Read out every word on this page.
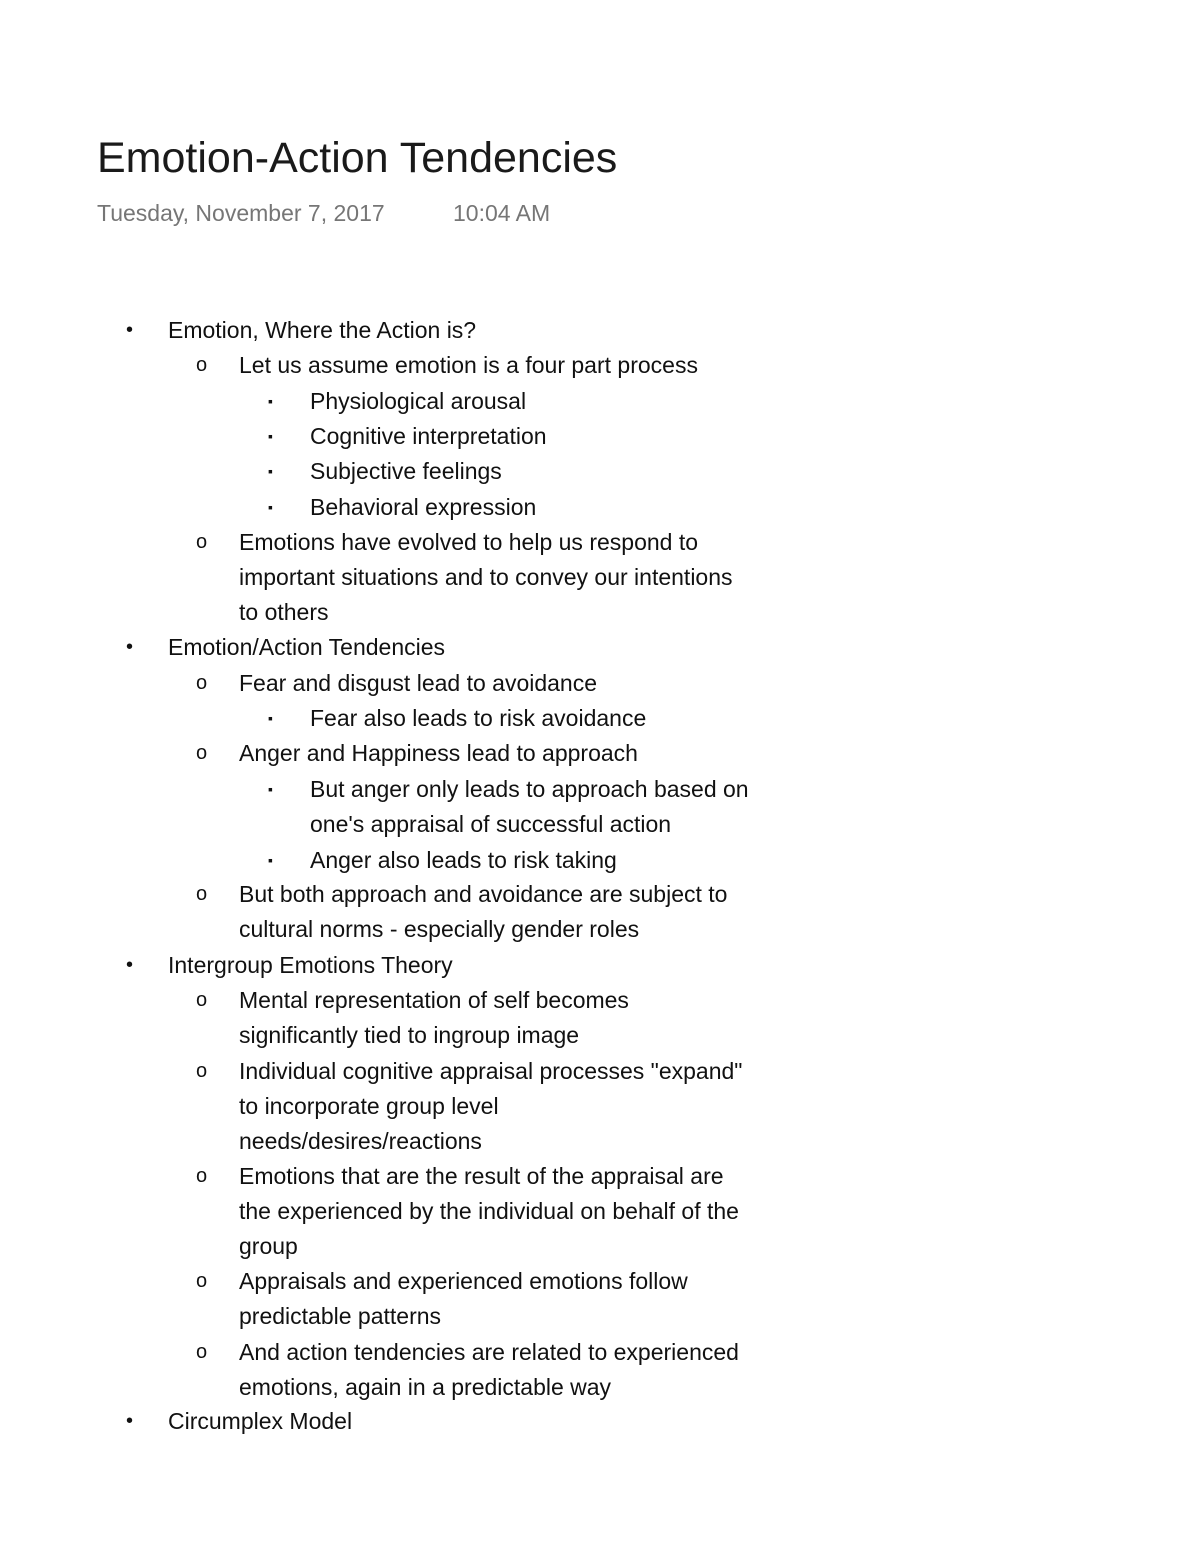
Emotion-Action Tendencies
Tuesday, November 7, 2017	10:04 AM
• Emotion, Where the Action is?
o Let us assume emotion is a four part process
▪ Physiological arousal
▪ Cognitive interpretation
▪ Subjective feelings
▪ Behavioral expression
o Emotions have evolved to help us respond to
important situations and to convey our intentions
to others
• Emotion/Action Tendencies
o Fear and disgust lead to avoidance
▪ Fear also leads to risk avoidance
o Anger and Happiness lead to approach
▪ But anger only leads to approach based on
one's appraisal of successful action
▪ Anger also leads to risk taking
o But both approach and avoidance are subject to
cultural norms - especially gender roles
• Intergroup Emotions Theory
o Mental representation of self becomes
significantly tied to ingroup image
o Individual cognitive appraisal processes "expand"
to incorporate group level
needs/desires/reactions
o Emotions that are the result of the appraisal are
the experienced by the individual on behalf of the
group
o Appraisals and experienced emotions follow
predictable patterns
o And action tendencies are related to experienced
emotions, again in a predictable way
• Circumplex Model
